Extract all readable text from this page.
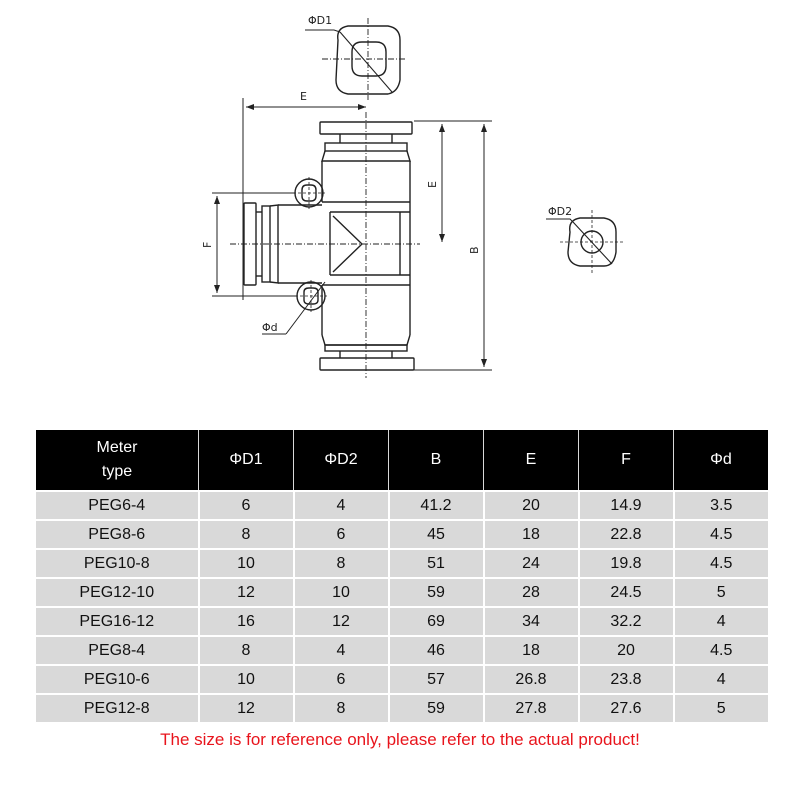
ΦD1
E
Φd
F
E
B
ΦD2
Meter
type	ΦD1	ΦD2	B	E	F	Φd
PEG6-4	6	4	41.2	20	14.9	3.5
PEG8-6	8	6	45	18	22.8	4.5
PEG10-8	10	8	51	24	19.8	4.5
PEG12-10	12	10	59	28	24.5	5
PEG16-12	16	12	69	34	32.2	4
PEG8-4	8	4	46	18	20	4.5
PEG10-6	10	6	57	26.8	23.8	4
PEG12-8	12	8	59	27.8	27.6	5
The size is for reference only, please refer to the actual product!
